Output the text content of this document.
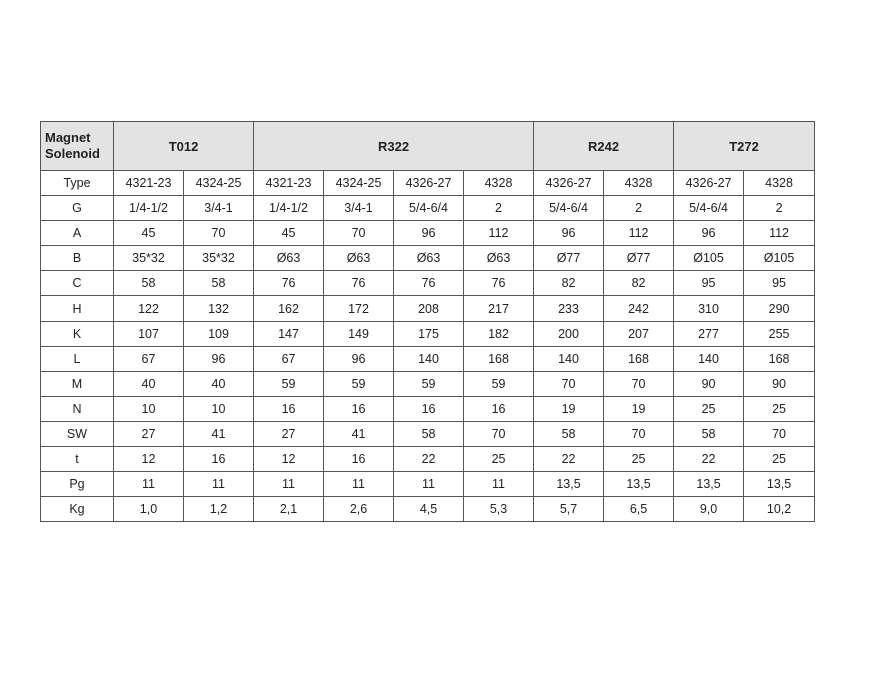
Magnet
Solenoid	T012		R322				R242		T272	
Type	4321-23	4324-25	4321-23	4324-25	4326-27	4328	4326-27	4328	4326-27	4328
G	1/4-1/2	3/4-1	1/4-1/2	3/4-1	5/4-6/4	2	5/4-6/4	2	5/4-6/4	2
A	45	70	45	70	96	112	96	112	96	112
B	35*32	35*32	Ø63	Ø63	Ø63	Ø63	Ø77	Ø77	Ø105	Ø105
C	58	58	76	76	76	76	82	82	95	95
H	122	132	162	172	208	217	233	242	310	290
K	107	109	147	149	175	182	200	207	277	255
L	67	96	67	96	140	168	140	168	140	168
M	40	40	59	59	59	59	70	70	90	90
N	10	10	16	16	16	16	19	19	25	25
SW	27	41	27	41	58	70	58	70	58	70
t	12	16	12	16	22	25	22	25	22	25
Pg	11	11	11	11	11	11	13,5	13,5	13,5	13,5
Kg	1,0	1,2	2,1	2,6	4,5	5,3	5,7	6,5	9,0	10,2
